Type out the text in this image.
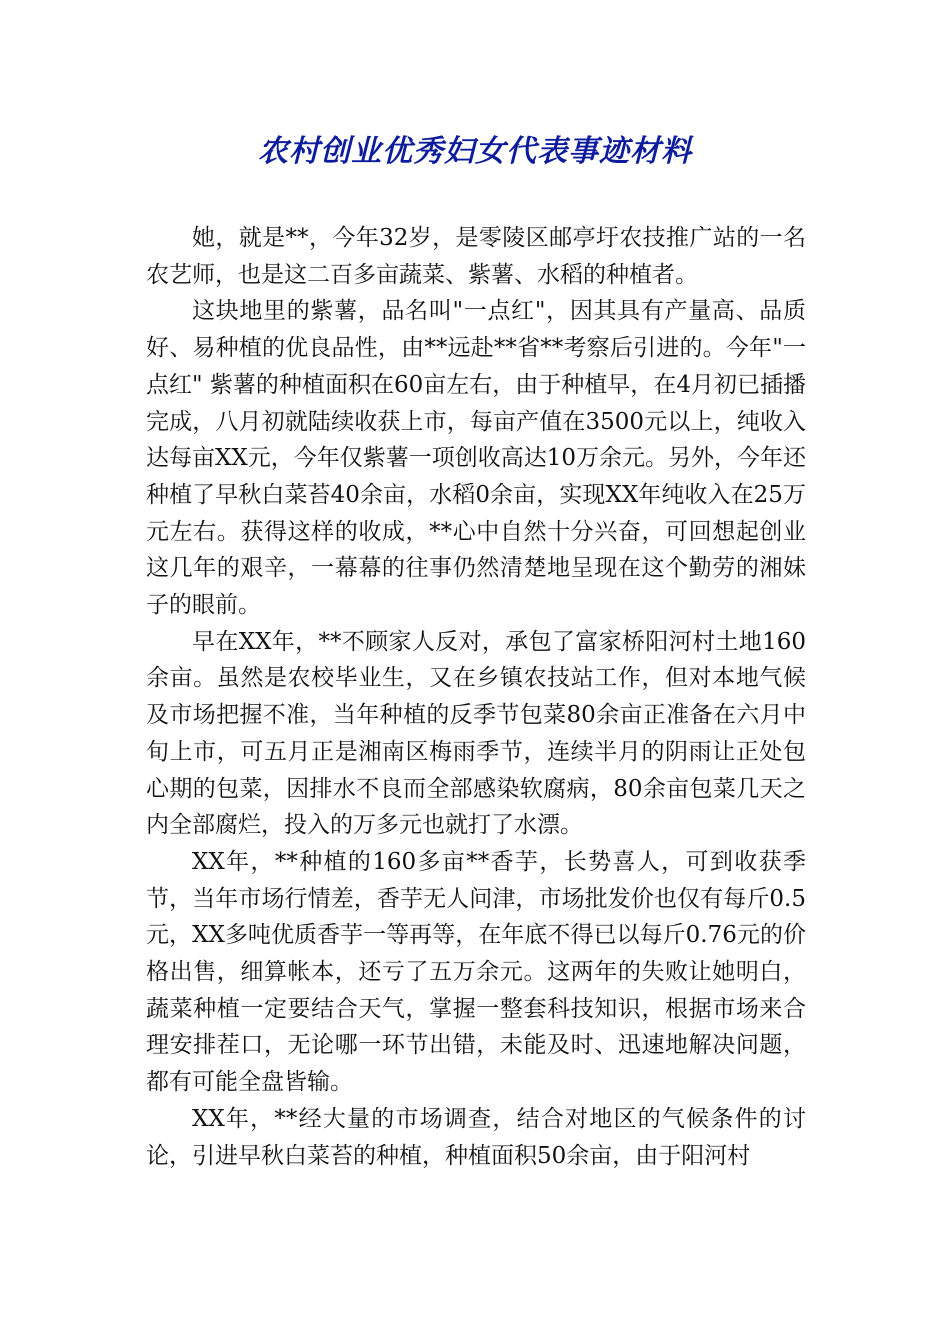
农村创业优秀妇女代表事迹材料

她，就是**，今年32岁，是零陵区邮亭圩农技推广站的一名农艺师，也是这二百多亩蔬菜、紫薯、水稻的种植者。

这块地里的紫薯，品名叫"一点红"，因其具有产量高、品质好、易种植的优良品性，由**远赴**省**考察后引进的。今年"一点红" 紫薯的种植面积在60亩左右，由于种植早，在4月初已插播完成，八月初就陆续收获上市，每亩产值在3500元以上，纯收入达每亩XX元，今年仅紫薯一项创收高达10万余元。另外，今年还种植了早秋白菜苔40余亩，水稻0余亩，实现XX年纯收入在25万元左右。获得这样的收成，**心中自然十分兴奋，可回想起创业这几年的艰辛，一幕幕的往事仍然清楚地呈现在这个勤劳的湘妹子的眼前。

早在XX年，**不顾家人反对，承包了富家桥阳河村土地160余亩。虽然是农校毕业生，又在乡镇农技站工作，但对本地气候及市场把握不准，当年种植的反季节包菜80余亩正准备在六月中旬上市，可五月正是湘南区梅雨季节，连续半月的阴雨让正处包心期的包菜，因排水不良而全部感染软腐病，80余亩包菜几天之内全部腐烂，投入的万多元也就打了水漂。

XX年，**种植的160多亩**香芋，长势喜人，可到收获季节，当年市场行情差，香芋无人问津，市场批发价也仅有每斤0.5元，XX多吨优质香芋一等再等，在年底不得已以每斤0.76元的价格出售，细算帐本，还亏了五万余元。这两年的失败让她明白，蔬菜种植一定要结合天气，掌握一整套科技知识，根据市场来合理安排茬口，无论哪一环节出错，未能及时、迅速地解决问题，都有可能全盘皆输。

XX年，**经大量的市场调查，结合对地区的气候条件的讨论，引进早秋白菜苔的种植，种植面积50余亩，由于阳河村
